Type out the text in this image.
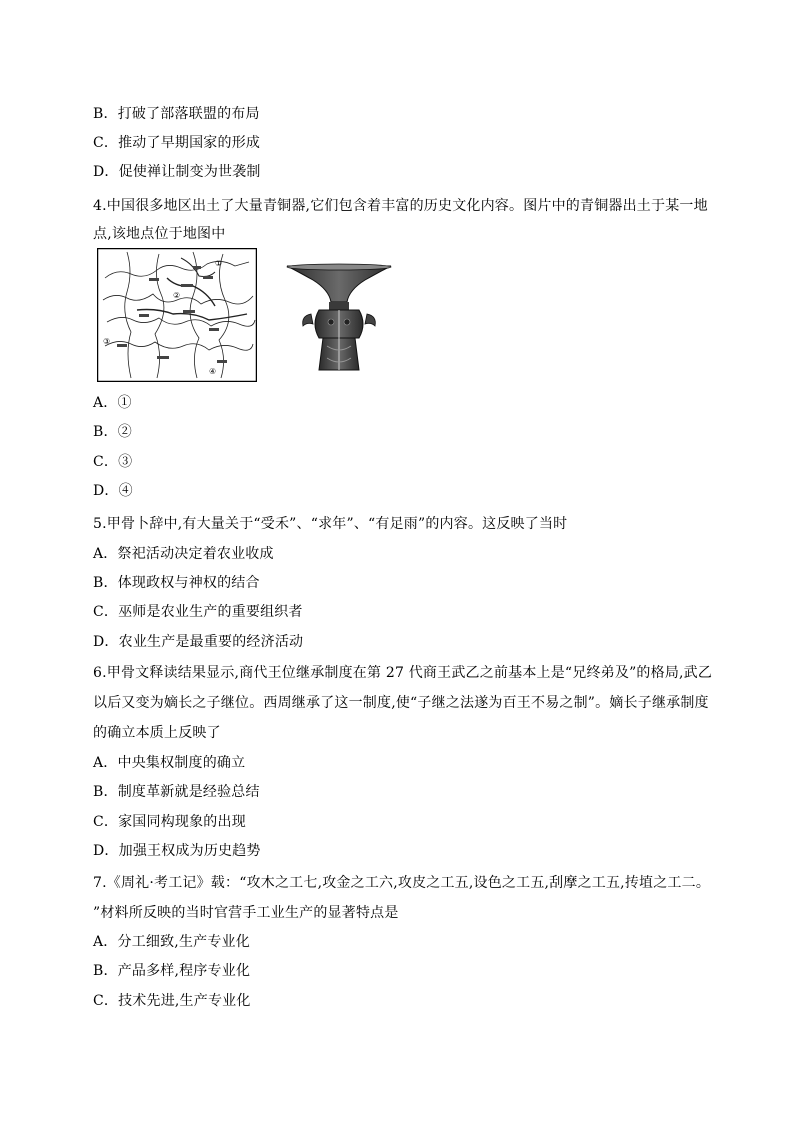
B．打破了部落联盟的布局
C．推动了早期国家的形成
D．促使禅让制变为世袭制
4.中国很多地区出土了大量青铜器,它们包含着丰富的历史文化内容。图片中的青铜器出土于某一地
点,该地点位于地图中
①
②
③
④
A．①
B．②
C．③
D．④
5.甲骨卜辞中,有大量关于“受禾”、“求年”、“有足雨”的内容。这反映了当时
A．祭祀活动决定着农业收成
B．体现政权与神权的结合
C．巫师是农业生产的重要组织者
D．农业生产是最重要的经济活动
6.甲骨文释读结果显示,商代王位继承制度在第 27 代商王武乙之前基本上是“兄终弟及”的格局,武乙
以后又变为嫡长之子继位。西周继承了这一制度,使“子继之法遂为百王不易之制”。嫡长子继承制度
的确立本质上反映了
A．中央集权制度的确立
B．制度革新就是经验总结
C．家国同构现象的出现
D．加强王权成为历史趋势
7.《周礼·考工记》载：“攻木之工七,攻金之工六,攻皮之工五,设色之工五,刮摩之工五,抟埴之工二。
”材料所反映的当时官营手工业生产的显著特点是
A．分工细致,生产专业化
B．产品多样,程序专业化
C．技术先进,生产专业化
